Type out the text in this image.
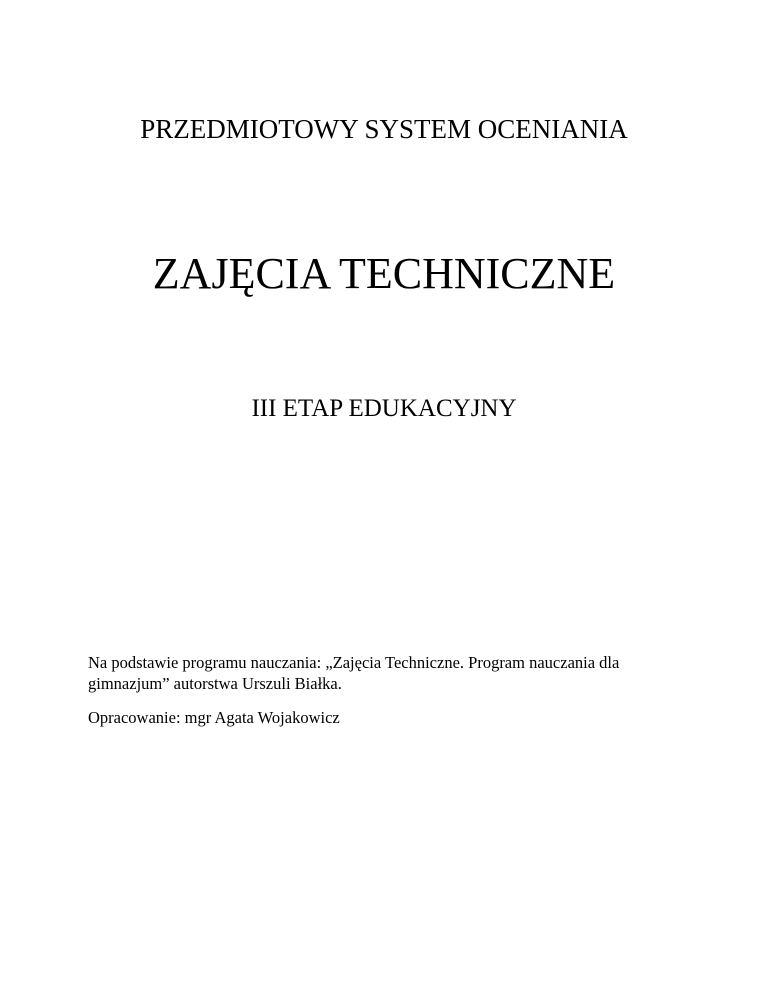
PRZEDMIOTOWY SYSTEM OCENIANIA
ZAJĘCIA TECHNICZNE
III ETAP EDUKACYJNY
Na podstawie programu nauczania: „Zajęcia Techniczne. Program nauczania dla
gimnazjum” autorstwa Urszuli Białka.
Opracowanie: mgr Agata Wojakowicz
